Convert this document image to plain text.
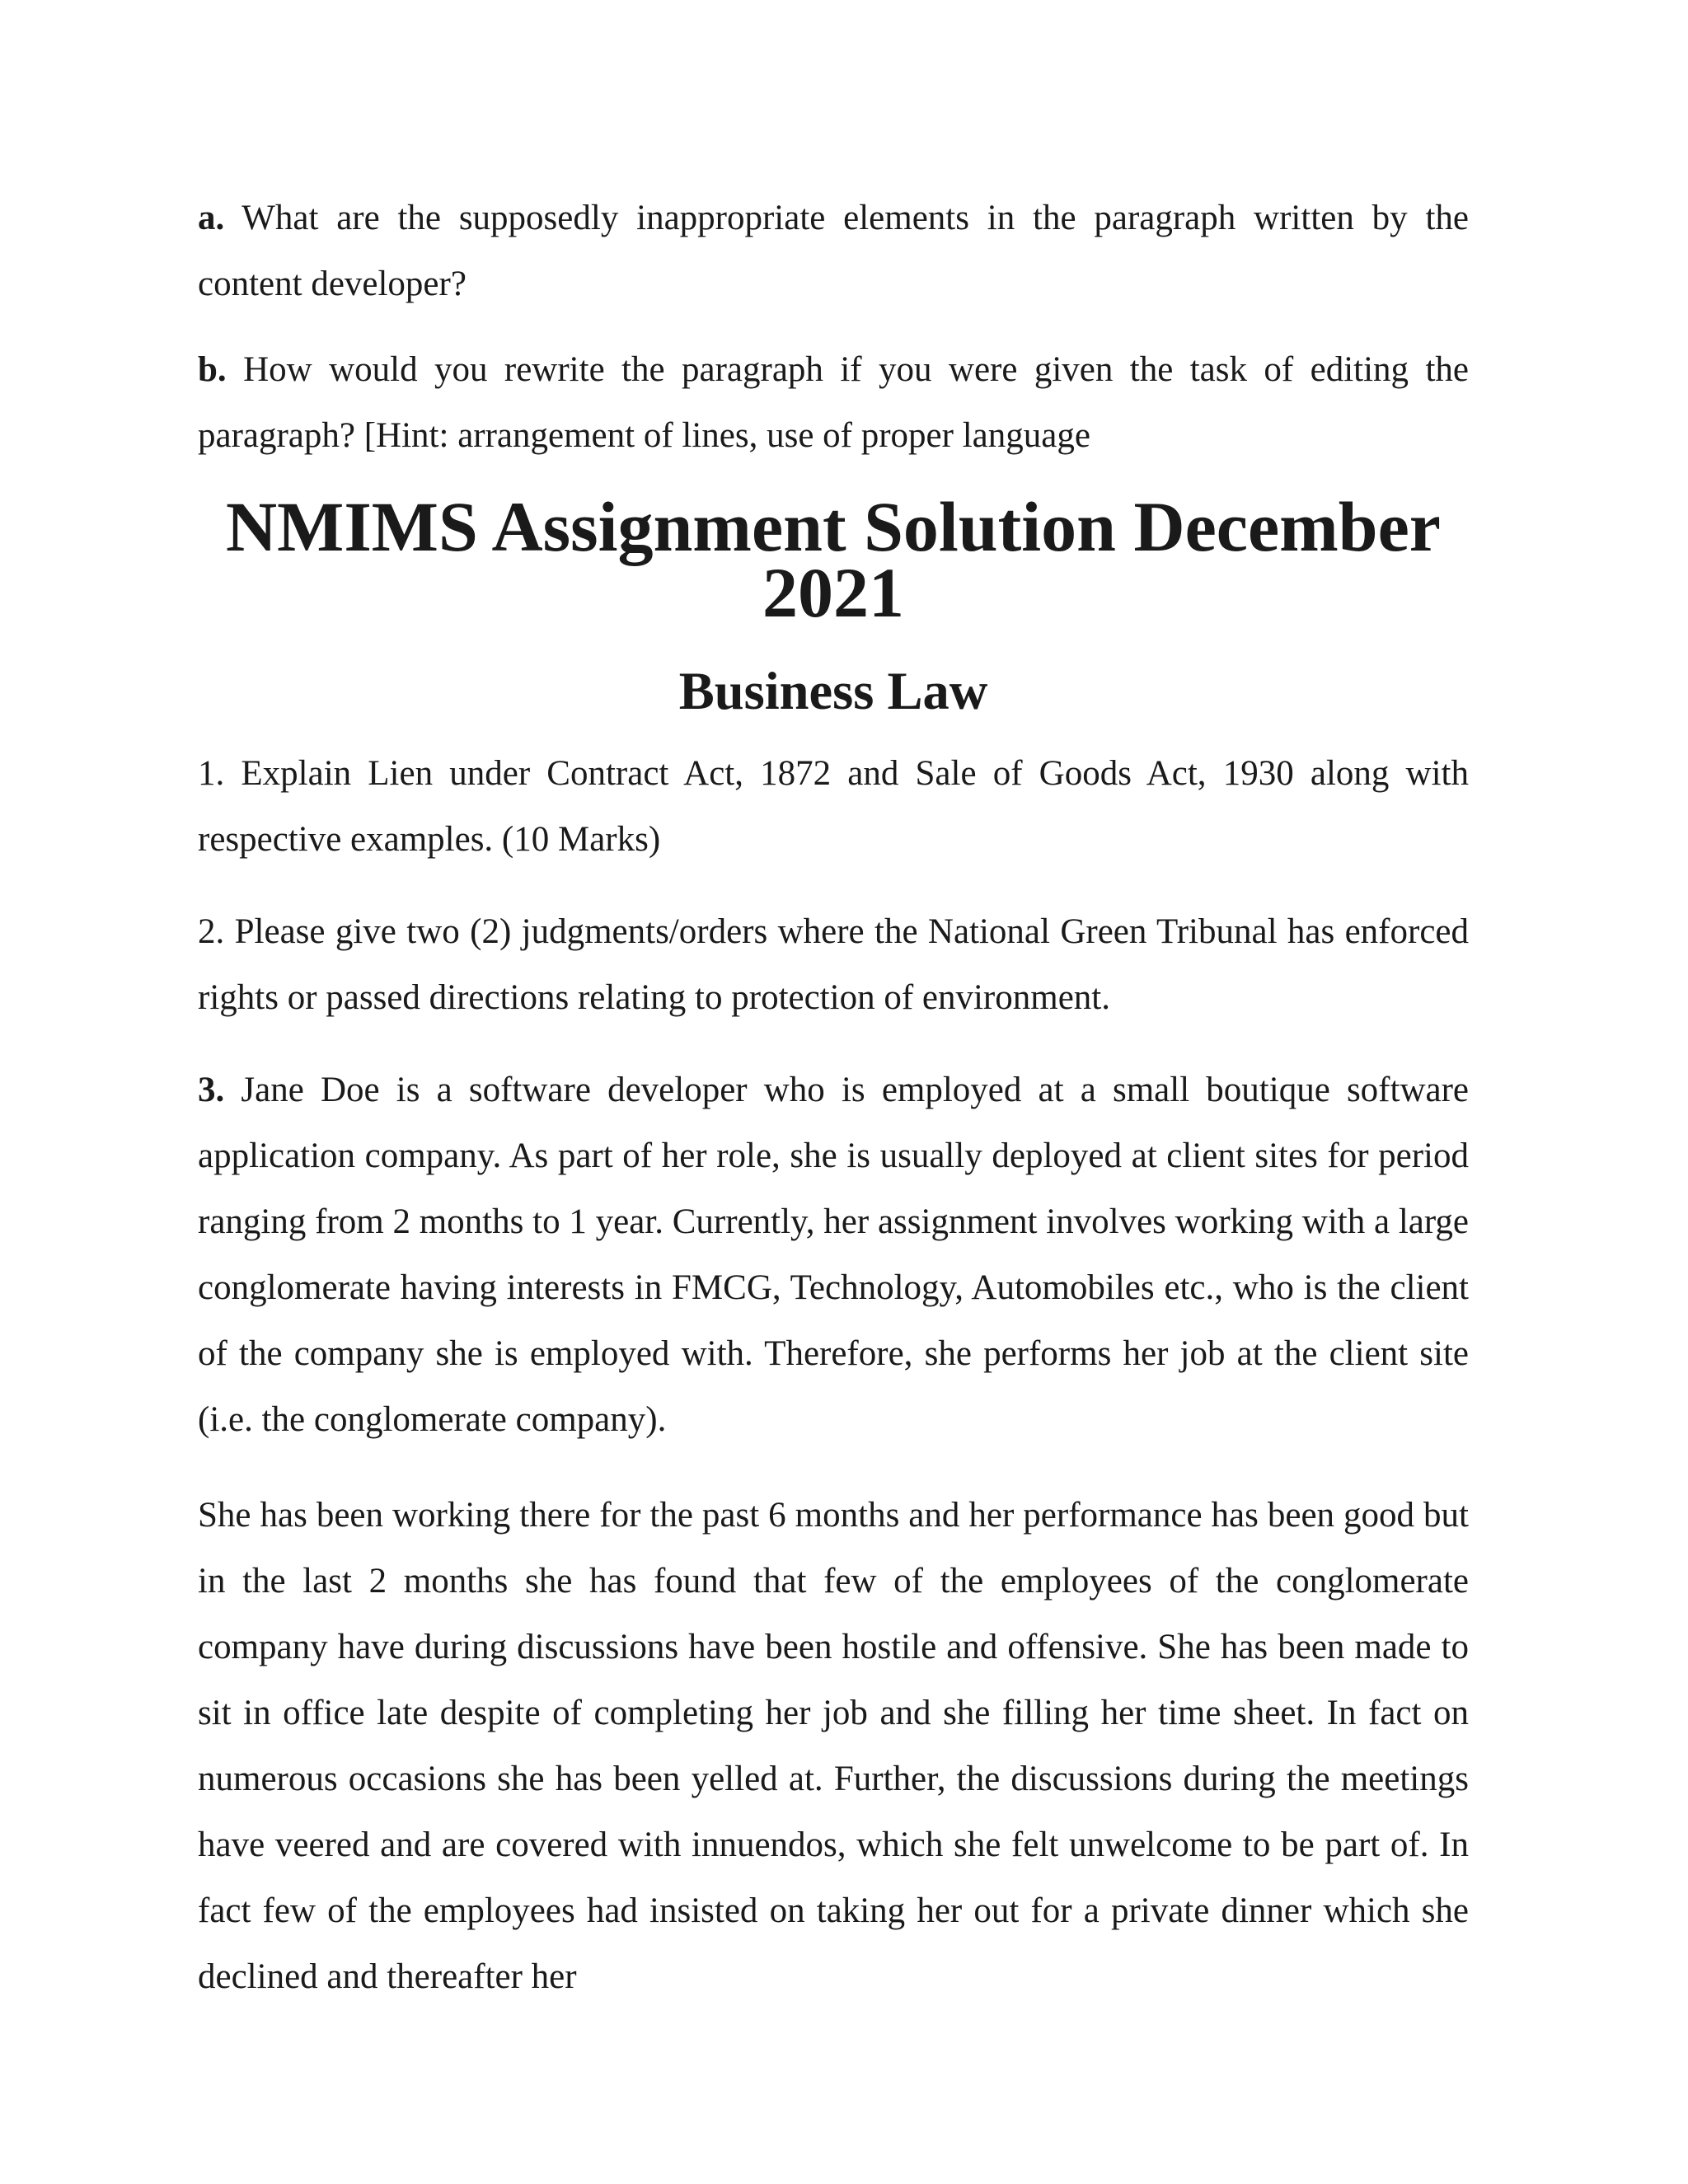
a. What are the supposedly inappropriate elements in the paragraph written by the content developer?

b. How would you rewrite the paragraph if you were given the task of editing the paragraph? [Hint: arrangement of lines, use of proper language

NMIMS Assignment Solution December 2021
Business Law

1. Explain Lien under Contract Act, 1872 and Sale of Goods Act, 1930 along with respective examples. (10 Marks)

2. Please give two (2) judgments/orders where the National Green Tribunal has enforced rights or passed directions relating to protection of environment.

3. Jane Doe is a software developer who is employed at a small boutique software application company. As part of her role, she is usually deployed at client sites for period ranging from 2 months to 1 year. Currently, her assignment involves working with a large conglomerate having interests in FMCG, Technology, Automobiles etc., who is the client of the company she is employed with. Therefore, she performs her job at the client site (i.e. the conglomerate company).

She has been working there for the past 6 months and her performance has been good but in the last 2 months she has found that few of the employees of the conglomerate company have during discussions have been hostile and offensive. She has been made to sit in office late despite of completing her job and she filling her time sheet. In fact on numerous occasions she has been yelled at. Further, the discussions during the meetings have veered and are covered with innuendos, which she felt unwelcome to be part of. In fact few of the employees had insisted on taking her out for a private dinner which she declined and thereafter her
